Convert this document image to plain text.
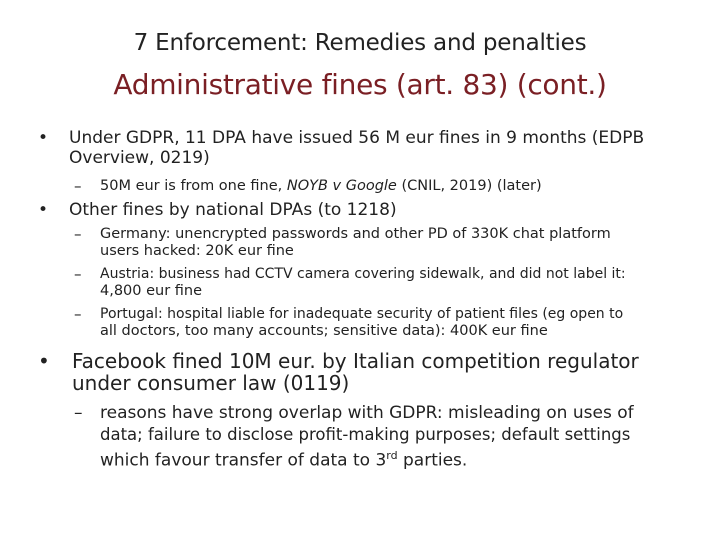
7 Enforcement: Remedies and penalties
Administrative fines (art. 83) (cont.)
• Under GDPR, 11 DPA have issued 56 M eur fines in 9 months (EDPB
Overview, 0219)
– 50M eur is from one fine, NOYB v Google (CNIL, 2019) (later)
• Other fines by national DPAs (to 1218)
– Germany: unencrypted passwords and other PD of 330K chat platform
users hacked: 20K eur fine
– Austria: business had CCTV camera covering sidewalk, and did not label it:
4,800 eur fine
– Portugal: hospital liable for inadequate security of patient files (eg open to
all doctors, too many accounts; sensitive data): 400K eur fine
• Facebook fined 10M eur. by Italian competition regulator
under consumer law (0119)
– reasons have strong overlap with GDPR: misleading on uses of
data; failure to disclose profit-making purposes; default settings
which favour transfer of data to 3rd parties.
